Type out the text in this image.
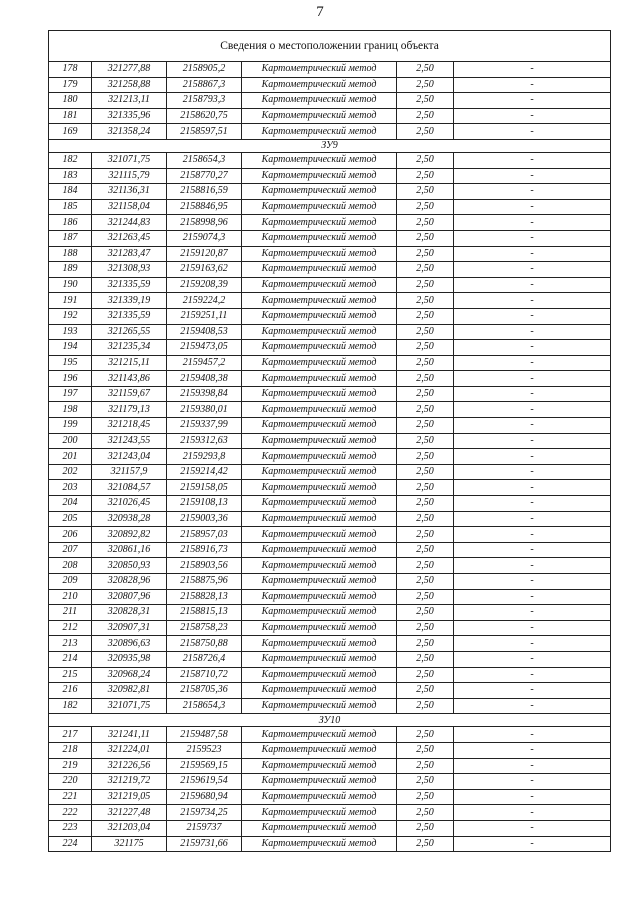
7
Сведения о местоположении границ объекта					
178	321277,88	2158905,2	Картометрический метод	2,50	-
179	321258,88	2158867,3	Картометрический метод	2,50	-
180	321213,11	2158793,3	Картометрический метод	2,50	-
181	321335,96	2158620,75	Картометрический метод	2,50	-
169	321358,24	2158597,51	Картометрический метод	2,50	-
ЗУ9					
182	321071,75	2158654,3	Картометрический метод	2,50	-
183	321115,79	2158770,27	Картометрический метод	2,50	-
184	321136,31	2158816,59	Картометрический метод	2,50	-
185	321158,04	2158846,95	Картометрический метод	2,50	-
186	321244,83	2158998,96	Картометрический метод	2,50	-
187	321263,45	2159074,3	Картометрический метод	2,50	-
188	321283,47	2159120,87	Картометрический метод	2,50	-
189	321308,93	2159163,62	Картометрический метод	2,50	-
190	321335,59	2159208,39	Картометрический метод	2,50	-
191	321339,19	2159224,2	Картометрический метод	2,50	-
192	321335,59	2159251,11	Картометрический метод	2,50	-
193	321265,55	2159408,53	Картометрический метод	2,50	-
194	321235,34	2159473,05	Картометрический метод	2,50	-
195	321215,11	2159457,2	Картометрический метод	2,50	-
196	321143,86	2159408,38	Картометрический метод	2,50	-
197	321159,67	2159398,84	Картометрический метод	2,50	-
198	321179,13	2159380,01	Картометрический метод	2,50	-
199	321218,45	2159337,99	Картометрический метод	2,50	-
200	321243,55	2159312,63	Картометрический метод	2,50	-
201	321243,04	2159293,8	Картометрический метод	2,50	-
202	321157,9	2159214,42	Картометрический метод	2,50	-
203	321084,57	2159158,05	Картометрический метод	2,50	-
204	321026,45	2159108,13	Картометрический метод	2,50	-
205	320938,28	2159003,36	Картометрический метод	2,50	-
206	320892,82	2158957,03	Картометрический метод	2,50	-
207	320861,16	2158916,73	Картометрический метод	2,50	-
208	320850,93	2158903,56	Картометрический метод	2,50	-
209	320828,96	2158875,96	Картометрический метод	2,50	-
210	320807,96	2158828,13	Картометрический метод	2,50	-
211	320828,31	2158815,13	Картометрический метод	2,50	-
212	320907,31	2158758,23	Картометрический метод	2,50	-
213	320896,63	2158750,88	Картометрический метод	2,50	-
214	320935,98	2158726,4	Картометрический метод	2,50	-
215	320968,24	2158710,72	Картометрический метод	2,50	-
216	320982,81	2158705,36	Картометрический метод	2,50	-
182	321071,75	2158654,3	Картометрический метод	2,50	-
ЗУ10					
217	321241,11	2159487,58	Картометрический метод	2,50	-
218	321224,01	2159523	Картометрический метод	2,50	-
219	321226,56	2159569,15	Картометрический метод	2,50	-
220	321219,72	2159619,54	Картометрический метод	2,50	-
221	321219,05	2159680,94	Картометрический метод	2,50	-
222	321227,48	2159734,25	Картометрический метод	2,50	-
223	321203,04	2159737	Картометрический метод	2,50	-
224	321175	2159731,66	Картометрический метод	2,50	-
